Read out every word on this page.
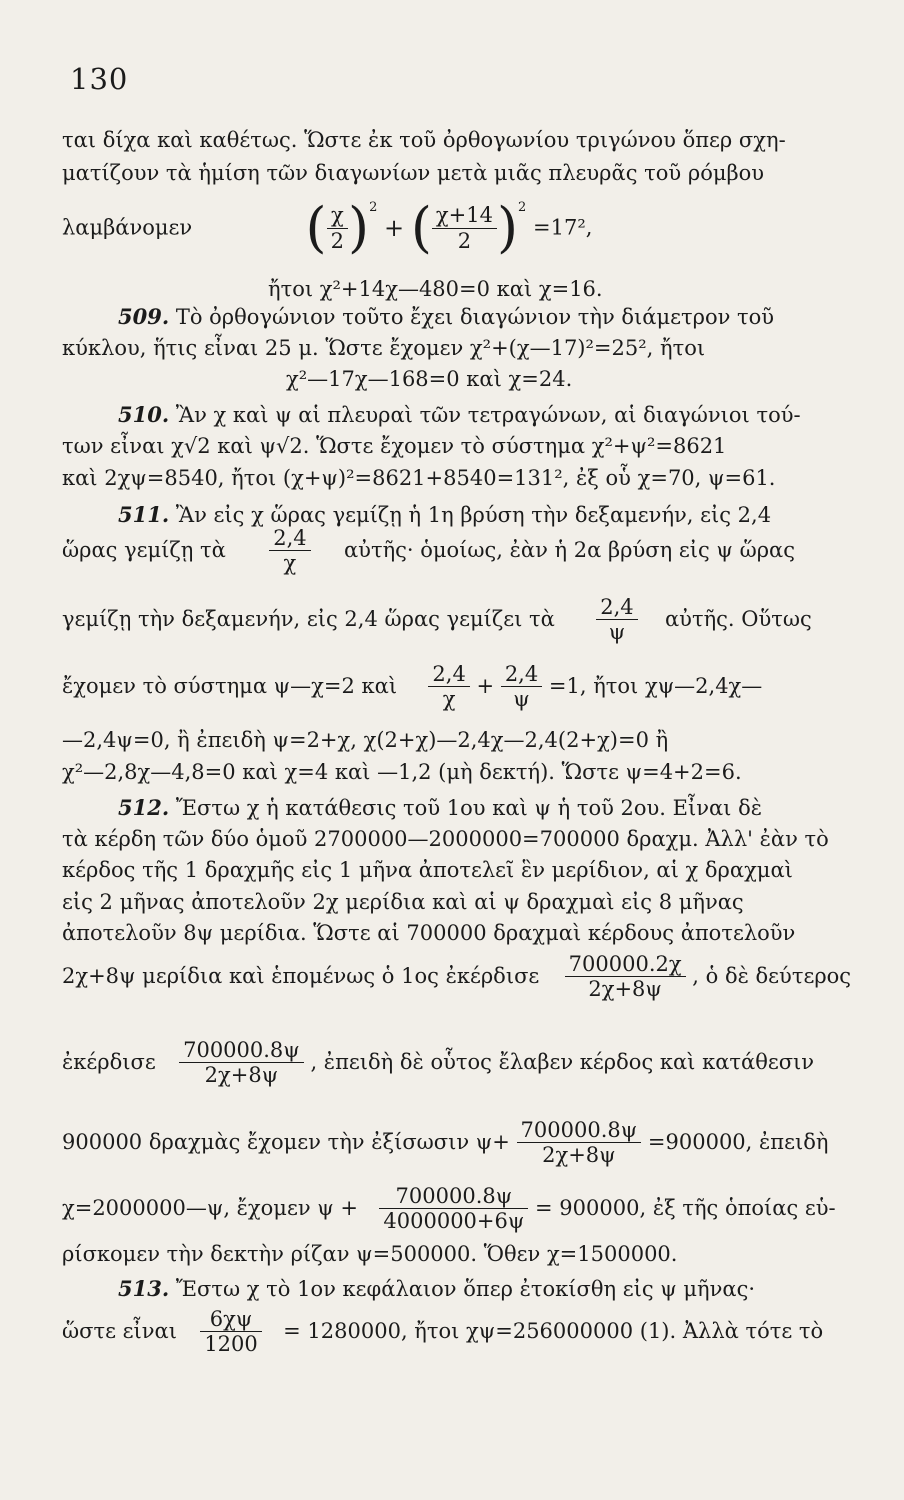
130
ται δίχα καὶ καθέτως. Ὥστε ἐκ τοῦ ὀρθογωνίου τριγώνου ὅπερ σχη-
ματίζουν τὰ ἡμίση τῶν διαγωνίων μετὰ μιᾶς πλευρᾶς τοῦ ρόμβου
λαμβάνομεν ( $\frac{\chi}{2} )^2$ + ( $\frac{\chi+14}{2} )^2 =17^2$,
ἤτοι χ²+14χ—480=0 καὶ χ=16.
509. Τὸ ὀρθογώνιον τοῦτο ἔχει διαγώνιον τὴν διάμετρον τοῦ
κύκλου, ἥτις εἶναι 25 μ. Ὥστε ἔχομεν χ²+(χ—17)²=25², ἤτοι
χ²—17χ—168=0 καὶ χ=24.
510. Ἂν χ καὶ ψ αἱ πλευραὶ τῶν τετραγώνων, αἱ διαγώνιοι τού-
των εἶναι χ√2 καὶ ψ√2. Ὥστε ἔχομεν τὸ σύστημα χ²+ψ²=8621
καὶ 2χψ=8540, ἤτοι (χ+ψ)²=8621+8540=131², ἐξ οὗ χ=70, ψ=61.
511. Ἂν εἰς χ ὥρας γεμίζῃ ἡ 1η βρύση τὴν δεξαμενήν, εἰς 2,4
ὥρας γεμίζῃ τὰ $\frac{2,4}{\chi}$ αὐτῆς· ὁμοίως, ἐὰν ἡ 2α βρύση εἰς ψ ὥρας
γεμίζῃ τὴν δεξαμενήν, εἰς 2,4 ὥρας γεμίζει τὰ $\frac{2,4}{\psi}$ αὐτῆς. Οὕτως
ἔχομεν τὸ σύστημα ψ—χ=2 καὶ $\frac{2,4}{\chi} + \frac{2,4}{\psi} =1$, ἤτοι χψ—2,4χ—
—2,4ψ=0, ἢ ἐπειδὴ ψ=2+χ, χ(2+χ)—2,4χ—2,4(2+χ)=0 ἢ
χ²—2,8χ—4,8=0 καὶ χ=4 καὶ —1,2 (μὴ δεκτή). Ὥστε ψ=4+2=6.
512. Ἔστω χ ἡ κατάθεσις τοῦ 1ου καὶ ψ ἡ τοῦ 2ου. Εἶναι δὲ
τὰ κέρδη τῶν δύο ὁμοῦ 2700000—2000000=700000 δραχμ. Ἀλλ' ἐὰν τὸ
κέρδος τῆς 1 δραχμῆς εἰς 1 μῆνα ἀποτελεῖ ἓν μερίδιον, αἱ χ δραχμαὶ
εἰς 2 μῆνας ἀποτελοῦν 2χ μερίδια καὶ αἱ ψ δραχμαὶ εἰς 8 μῆνας
ἀποτελοῦν 8ψ μερίδια. Ὥστε αἱ 700000 δραχμαὶ κέρδους ἀποτελοῦν
2χ+8ψ μερίδια καὶ ἑπομένως ὁ 1ος ἐκέρδισε $\frac{700000.2\chi}{2\chi+8\psi}$ , ὁ δὲ δεύτερος
ἐκέρδισε $\frac{700000.8\psi}{2\chi+8\psi}$ , ἐπειδὴ δὲ οὗτος ἔλαβεν κέρδος καὶ κατάθεσιν
900000 δραχμὰς ἔχομεν τὴν ἐξίσωσιν $\psi+ \frac{700000.8\psi}{2\chi+8\psi} =900000$, ἐπειδὴ
χ=2000000—ψ, ἔχομεν $\psi + \frac{700000.8\psi}{4000000+6\psi} = 900000$, ἐξ τῆς ὁποίας εὑ-
ρίσκομεν τὴν δεκτὴν ρίζαν ψ=500000. Ὅθεν χ=1500000.
513. Ἔστω χ τὸ 1ον κεφάλαιον ὅπερ ἐτοκίσθη εἰς ψ μῆνας·
ὥστε εἶναι $\frac{6\chi\psi}{1200} = 1280000$, ἤτοι χψ=256000000 (1). Ἀλλὰ τότε τὸ
